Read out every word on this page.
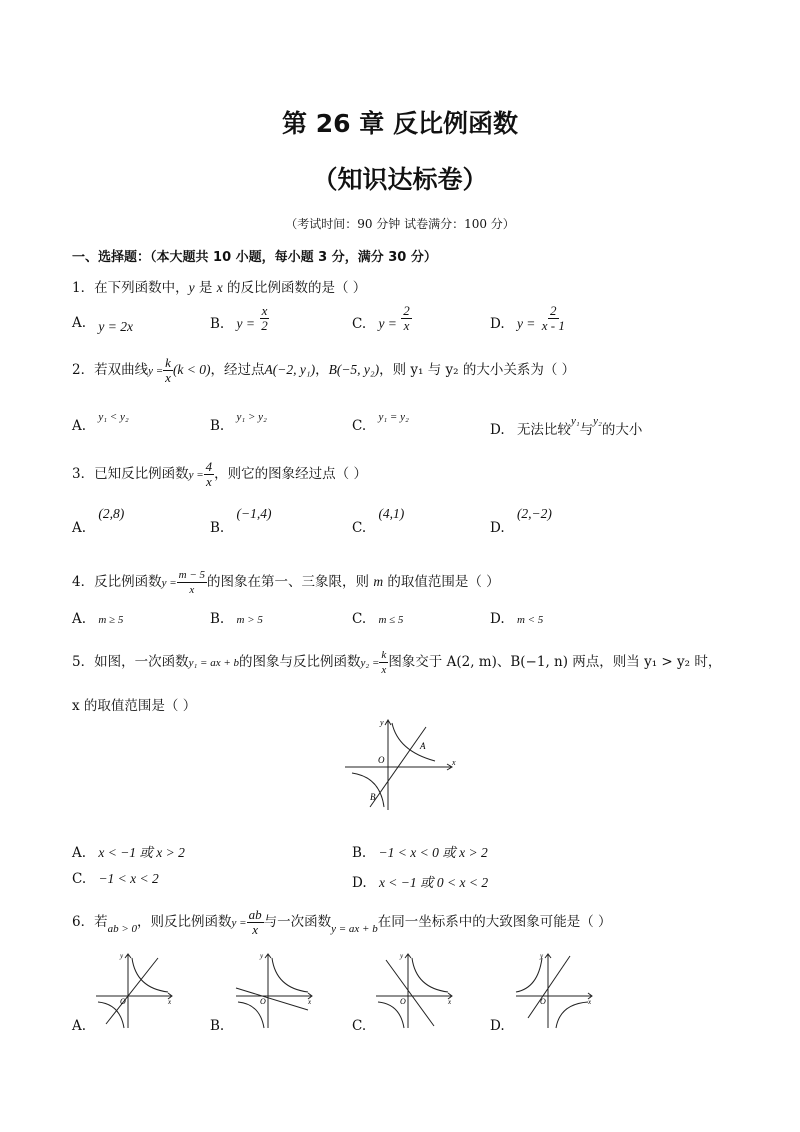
第 26 章 反比例函数
（知识达标卷）
（考试时间：90 分钟 试卷满分：100 分）
一、选择题：（本大题共 10 小题，每小题 3 分，满分 30 分）
1．在下列函数中，y 是 x 的反比例函数的是（ ）
A. y = 2x	B. $y = \frac{x}{2}$	C. $y = \frac{2}{x}$	D. $y = \frac{2}{x - 1}$
2．若双曲线$y = \frac{k}{x} (k < 0)$，经过点A(−2, y₁)，B(−5, y₂)，则 y₁ 与 y₂ 的大小关系为（ ）
A. y₁ < y₂
B. y₁ > y₂
C. y₁ = y₂
D. 无法比较y₁与y₂的大小
3．已知反比例函数$y = \frac{4}{x}$ ，则它的图象经过点（ ）
A. (2,8)
B. (−1,4)
C. (4,1)
D. (2,−2)
4．反比例函数$y = \frac{m - 5}{x}$ 的图象在第一、三象限，则 m 的取值范围是（ ）
A. m ≥ 5	B. m > 5	C. m ≤ 5	D. m < 5
5．如图，一次函数y₁ = ax + b的图象与反比例函数$y_2 = \frac{k}{x}$ 图象交于 A(2, m)、B(−1, n) 两点，则当 y₁ > y₂ 时，
x 的取值范围是（ ）
A
B
O	x
y
A. x < −1 或 x > 2	B. −1 < x < 0 或 x > 2
C. −1 < x < 2	D. x < −1 或 0 < x < 2
6．若$_{ab > 0}$，则反比例函数$y = \frac{ab}{x}$ 与一次函数$_{y = ax + b}$在同一坐标系中的大致图象可能是（ ）
A.
O	x
y
B.
O	x
y
C.
O	x
y
D.
O	x
y
